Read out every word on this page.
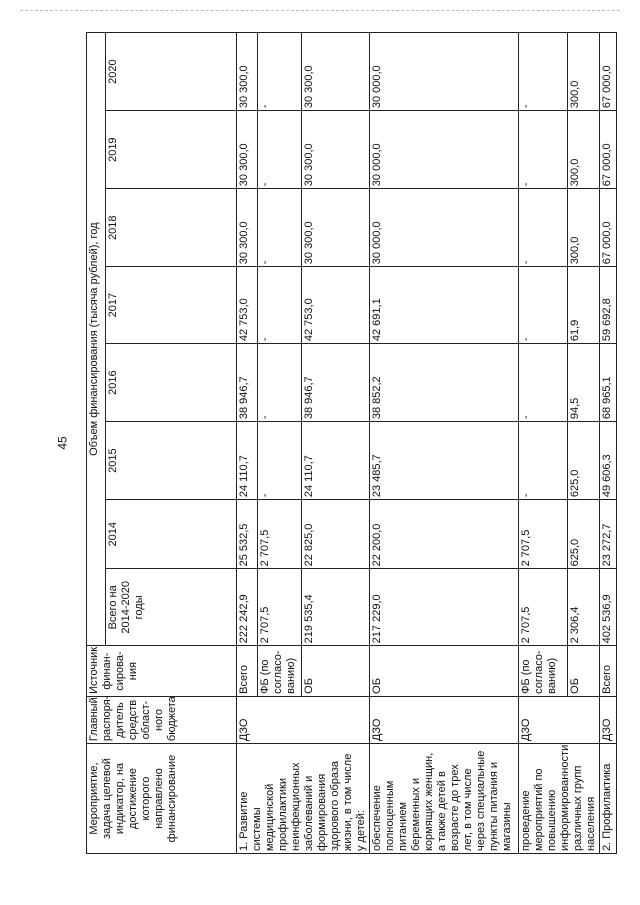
45
Мероприятие, задача целевой индикатор, на достижение которого направлено финансирование	Главный распоря-дитель средств област-ного бюджета	Источник финан-сирова-ния	Объем финансирования (тысяча рублей), год							
			Всего на 2014-2020 годы	2014	2015	2016	2017	2018	2019	2020
1. Развитие системы медицинской профилактики неинфекционных заболеваний и формирования здорового образа жизни, в том числе у детей:	ДЗО	Всего	222 242,9	25 532,5	24 110,7	38 946,7	42 753,0	30 300,0	30 300,0	30 300,0
		ФБ (по согласо-ванию)	2 707,5	2 707,5	-	-	-	-	-	-
		ОБ	219 535,4	22 825,0	24 110,7	38 946,7	42 753,0	30 300,0	30 300,0	30 300,0
обеспечение полноценным питанием беременных и кормящих женщин, а также детей в возрасте до трех лет, в том числе через специальные пункты питания и магазины	ДЗО	ОБ	217 229,0	22 200,0	23 485,7	38 852,2	42 691,1	30 000,0	30 000,0	30 000,0
проведение мероприятий по повышению информированности различных групп населения	ДЗО	ФБ (по согласо-ванию)	2 707,5	2 707,5	-	-	-	-	-	-
		ОБ	2 306,4	625,0	625,0	94,5	61,9	300,0	300,0	300,0
2. Профилактика	ДЗО	Всего	402 536,9	23 272,7	49 606,3	68 965,1	59 692,8	67 000,0	67 000,0	67 000,0
